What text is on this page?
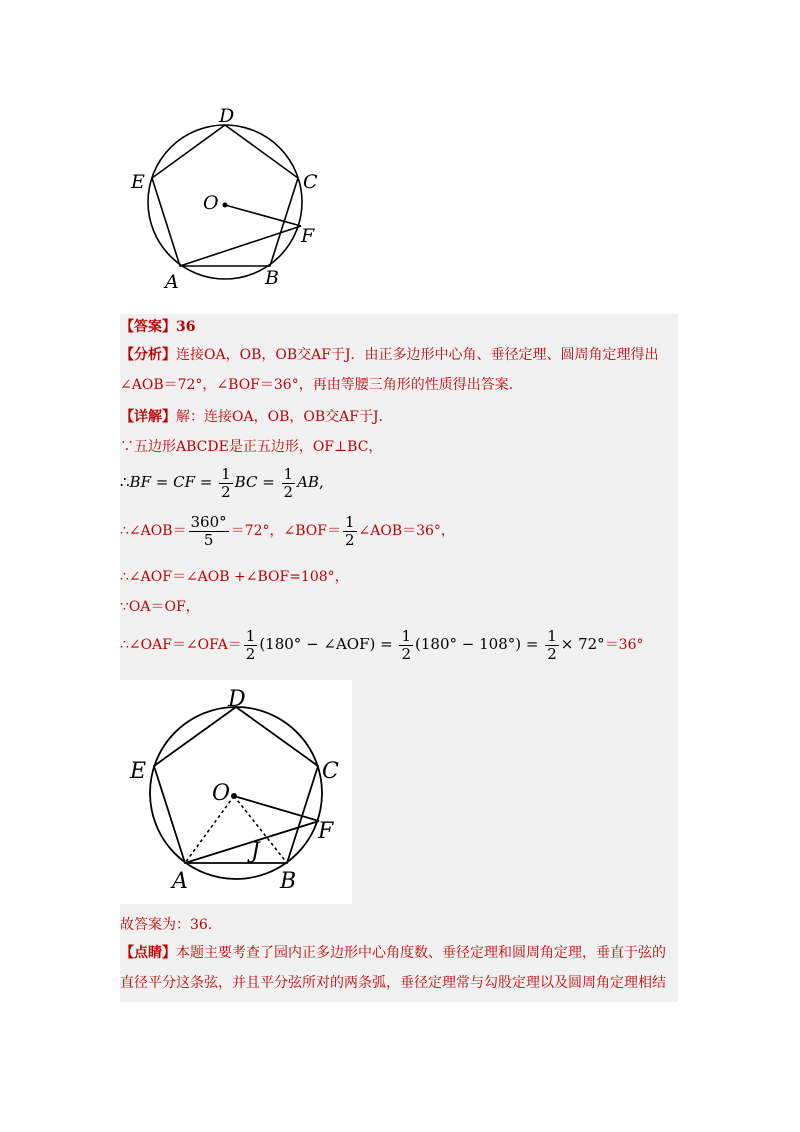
D
E	C
O
F
A	B
【答案】36
【分析】连接OA，OB，OB交AF于J．由正多边形中心角、垂径定理、圆周角定理得出
∠AOB＝72°，∠BOF＝36°，再由等腰三角形的性质得出答案.
【详解】解：连接OA，OB，OB交AF于J．
∵五边形ABCDE是正五边形，OF⊥BC，
∴BF = CF = $\frac{1}{2}$ BC = $\frac{1}{2}$ AB,
∴∠AOB＝ $\frac{360^\circ}{5} =72^\circ$，∠BOF＝ $\frac{1}{2}$ ∠AOB＝36°，
∴∠AOF＝∠AOB +∠BOF=108°，
∵OA＝OF，
∴∠OAF＝∠OFA＝ $\frac{1}{2} (180^\circ$ − ∠AOF) = $\frac{1}{2} (180^\circ - 108^\circ) = \frac{1}{2} \times 72^\circ=36^\circ$
D
E	C
O
F
J
A	B
故答案为：36．
【点睛】本题主要考查了园内正多边形中心角度数、垂径定理和圆周角定理，垂直于弦的
直径平分这条弦，并且平分弦所对的两条弧，垂径定理常与勾股定理以及圆周角定理相结
